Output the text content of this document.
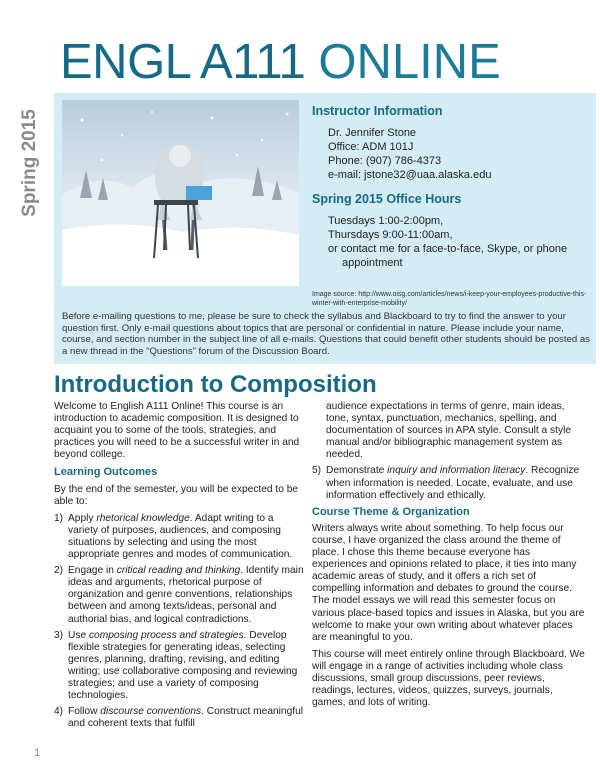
ENGL A111 ONLINE
Spring 2015	Instructor Information
Dr. Jennifer Stone
Office: ADM 101J
Phone: (907) 786-4373
e-mail: jstone32@uaa.alaska.edu
Spring 2015 Office Hours
Tuesdays 1:00-2:00pm,
Thursdays 9:00-11:00am,
or contact me for a face-to-face, Skype, or phone appointment
Image source: http://www.oisg.com/articles/news/i-keep-your-employees-productive-this-winter-with-enterprise-mobility/
Before e-mailing questions to me, please be sure to check the syllabus and Blackboard to try to find the answer to your question first. Only e-mail questions about topics that are personal or confidential in nature. Please include your name, course, and section number in the subject line of all e-mails. Questions that could benefit other students should be posted as a new thread in the “Questions” forum of the Discussion Board.
Introduction to Composition

Welcome to English A111 Online! This course is an introduction to academic composition. It is designed to acquaint you to some of the tools, strategies, and practices you will need to be a successful writer in and beyond college.

Learning Outcomes

By the end of the semester, you will be expected to be able to:

1) Apply rhetorical knowledge. Adapt writing to a variety of purposes, audiences, and composing situations by selecting and using the most appropriate genres and modes of communication.
2) Engage in critical reading and thinking. Identify main ideas and arguments, rhetorical purpose of organization and genre conventions, relationships between and among texts/ideas, personal and authorial bias, and logical contradictions.
3) Use composing process and strategies. Develop flexible strategies for generating ideas, selecting genres, planning, drafting, revising, and editing writing; use collaborative composing and reviewing strategies; and use a variety of composing technologies.
4) Follow discourse conventions. Construct meaningful and coherent texts that fulfill
audience expectations in terms of genre, main ideas, tone, syntax, punctuation, mechanics, spelling, and documentation of sources in APA style. Consult a style manual and/or bibliographic management system as needed.
5) Demonstrate inquiry and information literacy. Recognize when information is needed. Locate, evaluate, and use information effectively and ethically.
Course Theme & Organization

Writers always write about something. To help focus our course, I have organized the class around the theme of place. I chose this theme because everyone has experiences and opinions related to place, it ties into many academic areas of study, and it offers a rich set of compelling information and debates to ground the course. The model essays we will read this semester focus on various place-based topics and issues in Alaska, but you are welcome to make your own writing about whatever places are meaningful to you.

This course will meet entirely online through Blackboard. We will engage in a range of activities including whole class discussions, small group discussions, peer reviews, readings, lectures, videos, quizzes, surveys, journals, games, and lots of writing.

1
